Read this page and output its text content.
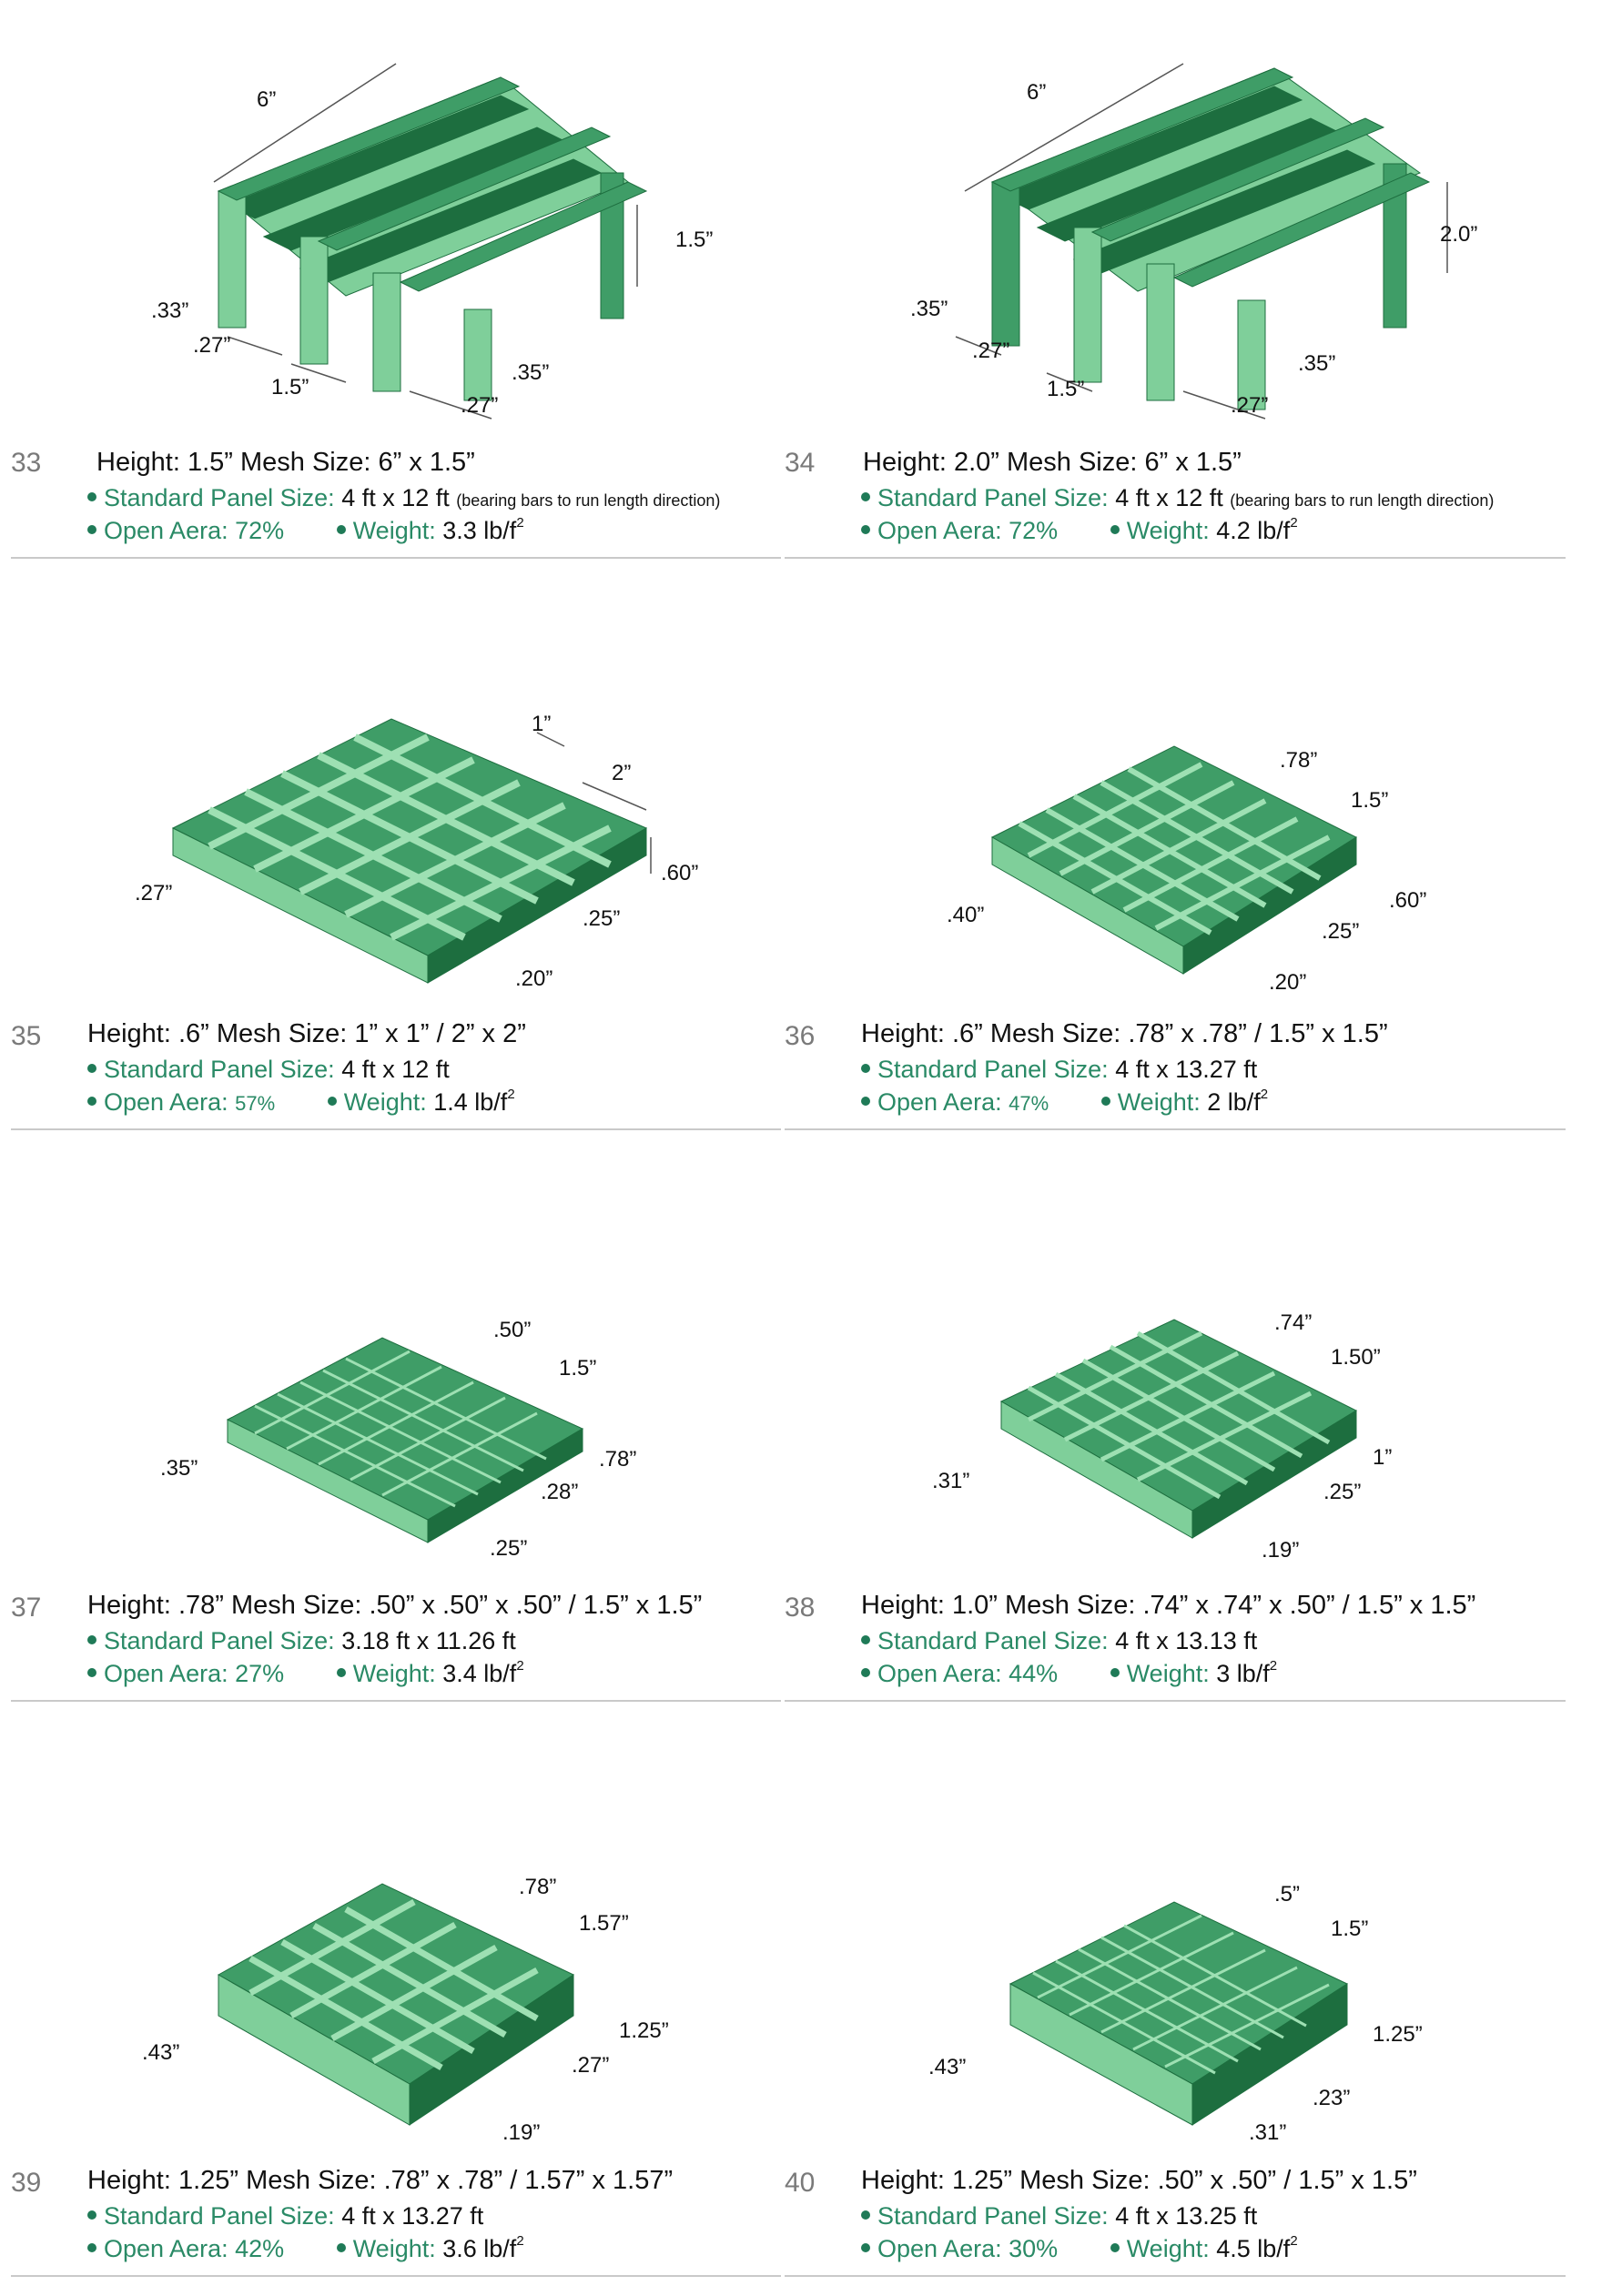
6”
1.5”
.33”
.27”
1.5”
.35”
.27”
33 Height: 1.5” Mesh Size: 6” x 1.5”
Standard Panel Size: 4 ft x 12 ft (bearing bars to run length direction)
Open Aera: 72%	Weight: 3.3 $lb/f^2$
6”
2.0”
.35”
.27”
1.5”
.35”
.27”
34 Height: 2.0” Mesh Size: 6” x 1.5”
Standard Panel Size: 4 ft x 12 ft (bearing bars to run length direction)
Open Aera: 72%	Weight: 4.2 $lb/f^2$
1”
2”
.60”
.27”
.25”
.20”
35 Height: .6” Mesh Size: 1” x 1” / 2” x 2”
Standard Panel Size: 4 ft x 12 ft
Open Aera: 57%	Weight: 1.4 $lb/f^2$
.78”
1.5”
.60”
.40”
.25”
.20”
36 Height: .6” Mesh Size: .78” x .78” / 1.5” x 1.5”
Standard Panel Size: 4 ft x 13.27 ft
Open Aera: 47%	Weight: 2 $lb/f^2$
.50”
1.5”
.78”
.35”
.28”
.25”
37 Height: .78” Mesh Size: .50” x .50” x .50” / 1.5” x 1.5”
Standard Panel Size: 3.18 ft x 11.26 ft
Open Aera: 27%	Weight: 3.4 $lb/f^2$
.74”
1.50”
1”
.31”	.25”
.19”
38 Height: 1.0” Mesh Size: .74” x .74” x .50” / 1.5” x 1.5”
Standard Panel Size: 4 ft x 13.13 ft
Open Aera: 44%	Weight: 3 $lb/f^2$
.78”
1.57”
1.25”
.43”
.27”
.19”
39 Height: 1.25” Mesh Size: .78” x .78” / 1.57” x 1.57”
Standard Panel Size: 4 ft x 13.27 ft
Open Aera: 42%	Weight: 3.6 $lb/f^2$
.5”
1.5”
1.25”
.43”
.23”
.31”
40 Height: 1.25” Mesh Size: .50” x .50” / 1.5” x 1.5”
Standard Panel Size: 4 ft x 13.25 ft
Open Aera: 30%	Weight: 4.5 $lb/f^2$
